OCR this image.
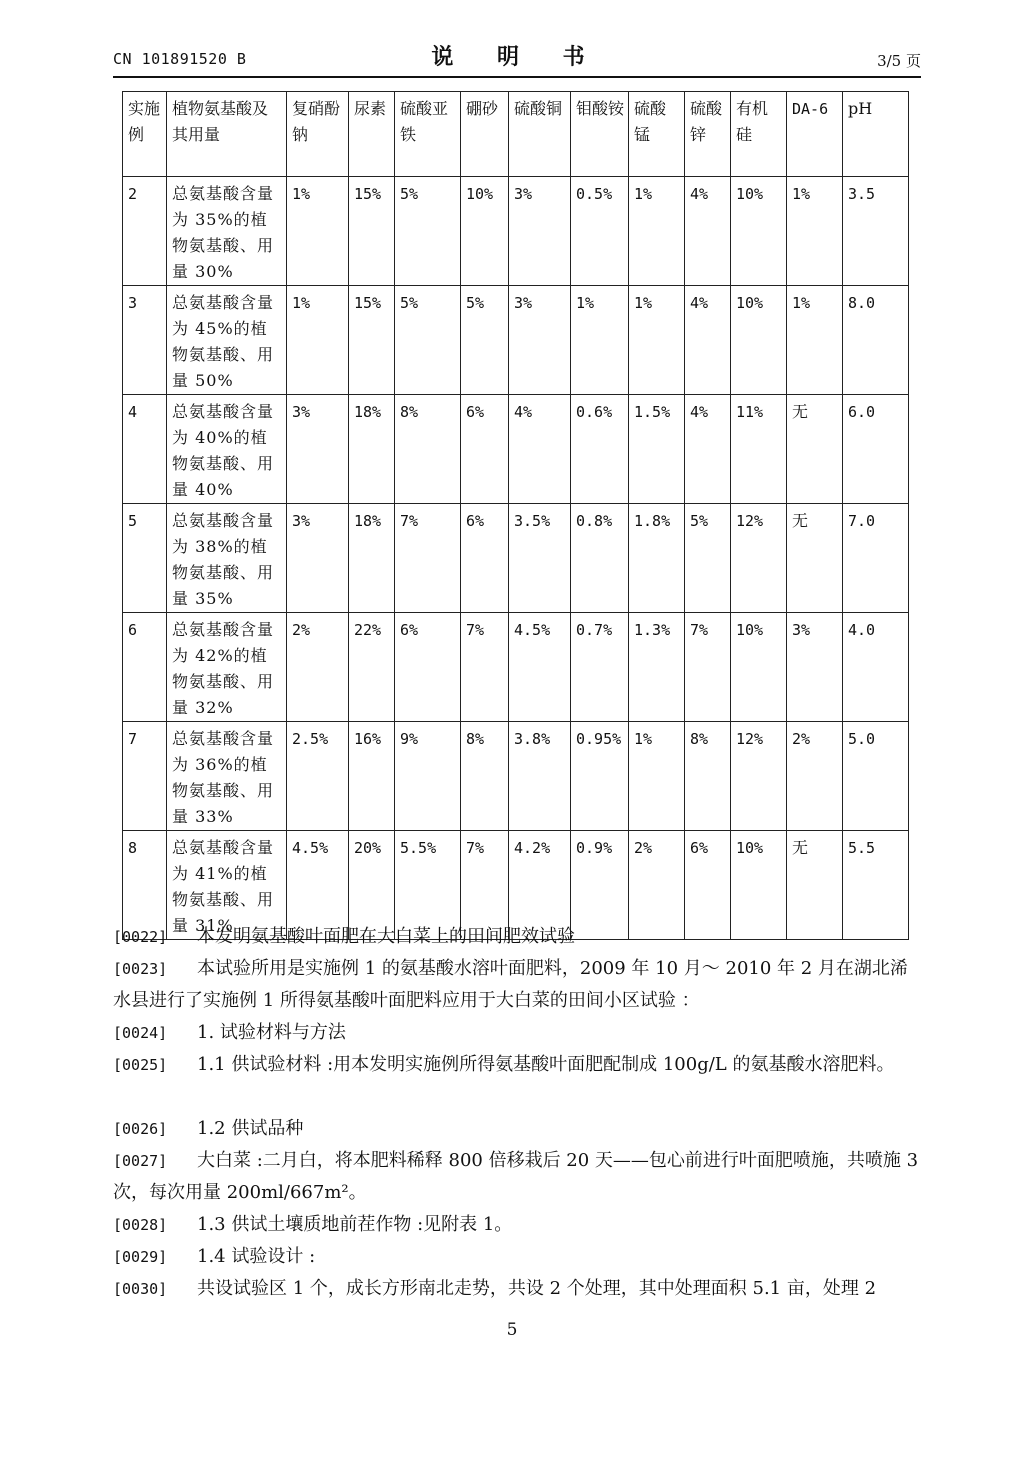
CN 101891520 B	说 明 书	3/5 页
实施例	植物氨基酸及其用量	复硝酚钠	尿素	硫酸亚铁	硼砂	硫酸铜	钼酸铵	硫酸锰	硫酸锌	有机硅	DA-6	pH
2	总氨基酸含量为 35%的植物氨基酸、用量 30%	1%	15%	5%	10%	3%	0.5%	1%	4%	10%	1%	3.5
3	总氨基酸含量为 45%的植物氨基酸、用量 50%	1%	15%	5%	5%	3%	1%	1%	4%	10%	1%	8.0
4	总氨基酸含量为 40%的植物氨基酸、用量 40%	3%	18%	8%	6%	4%	0.6%	1.5%	4%	11%	无	6.0
5	总氨基酸含量为 38%的植物氨基酸、用量 35%	3%	18%	7%	6%	3.5%	0.8%	1.8%	5%	12%	无	7.0
6	总氨基酸含量为 42%的植物氨基酸、用量 32%	2%	22%	6%	7%	4.5%	0.7%	1.3%	7%	10%	3%	4.0
7	总氨基酸含量为 36%的植物氨基酸、用量 33%	2.5%	16%	9%	8%	3.8%	0.95%	1%	8%	12%	2%	5.0
8	总氨基酸含量为 41%的植物氨基酸、用量 31%	4.5%	20%	5.5%	7%	4.2%	0.9%	2%	6%	10%	无	5.5
[0022] 本发明氨基酸叶面肥在大白菜上的田间肥效试验
[0023] 本试验所用是实施例 1 的氨基酸水溶叶面肥料，2009 年 10 月～ 2010 年 2 月在湖北浠水县进行了实施例 1 所得氨基酸叶面肥料应用于大白菜的田间小区试验 ：
[0024] 1. 试验材料与方法
[0025] 1.1 供试验材料 :用本发明实施例所得氨基酸叶面肥配制成 100g/L 的氨基酸水溶肥料。
[0026] 1.2 供试品种
[0027] 大白菜 :二月白，将本肥料稀释 800 倍移栽后 20 天——包心前进行叶面肥喷施，共喷施 3 次，每次用量 200ml/667m²。
[0028] 1.3 供试土壤质地前茬作物 :见附表 1。
[0029] 1.4 试验设计 :
[0030] 共设试验区 1 个，成长方形南北走势，共设 2 个处理，其中处理面积 5.1 亩，处理 2
5
